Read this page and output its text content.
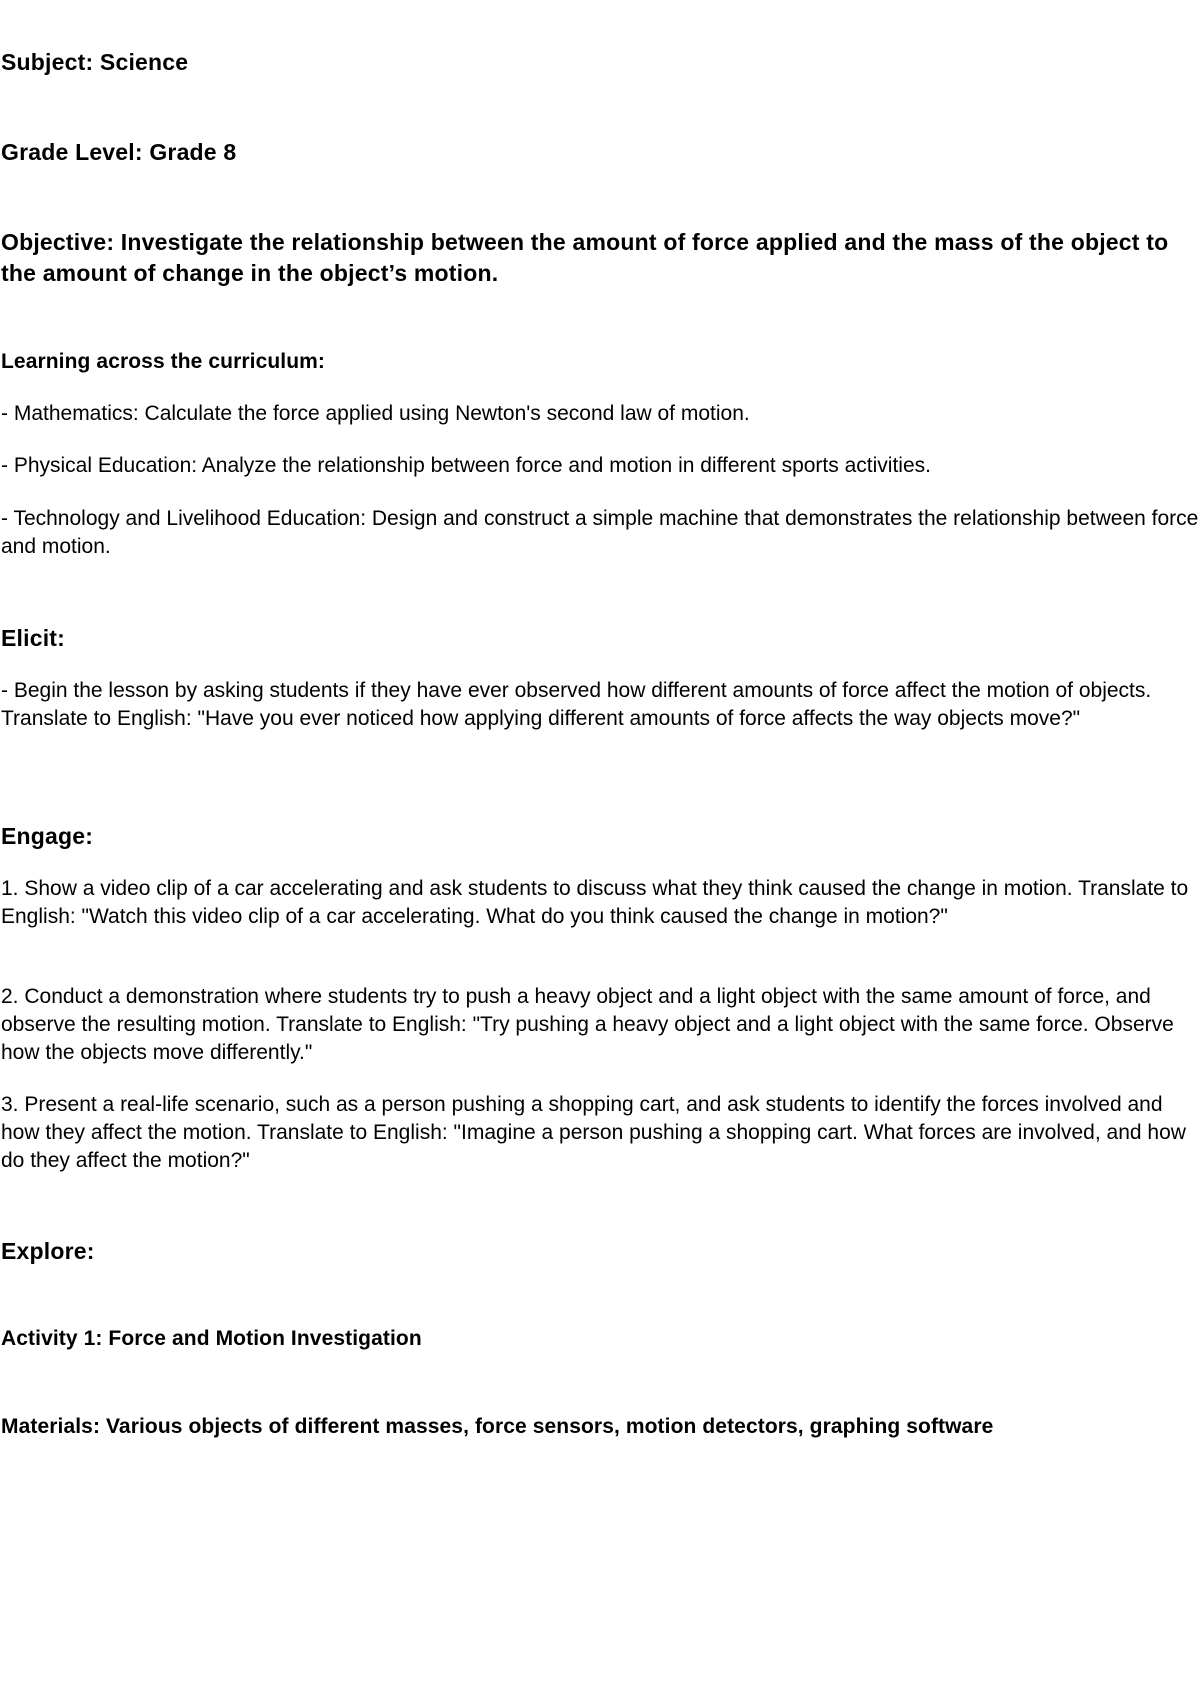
Subject: Science

Grade Level: Grade 8

Objective: Investigate the relationship between the amount of force applied and the mass of the object to the amount of change in the object’s motion.

Learning across the curriculum:

- Mathematics: Calculate the force applied using Newton's second law of motion.

- Physical Education: Analyze the relationship between force and motion in different sports activities.

- Technology and Livelihood Education: Design and construct a simple machine that demonstrates the relationship between force and motion.

Elicit:

- Begin the lesson by asking students if they have ever observed how different amounts of force affect the motion of objects. Translate to English: "Have you ever noticed how applying different amounts of force affects the way objects move?"

Engage:

1. Show a video clip of a car accelerating and ask students to discuss what they think caused the change in motion. Translate to English: "Watch this video clip of a car accelerating. What do you think caused the change in motion?"

2. Conduct a demonstration where students try to push a heavy object and a light object with the same amount of force, and observe the resulting motion. Translate to English: "Try pushing a heavy object and a light object with the same force. Observe how the objects move differently."

3. Present a real-life scenario, such as a person pushing a shopping cart, and ask students to identify the forces involved and how they affect the motion. Translate to English: "Imagine a person pushing a shopping cart. What forces are involved, and how do they affect the motion?"

Explore:

Activity 1: Force and Motion Investigation

Materials: Various objects of different masses, force sensors, motion detectors, graphing software
